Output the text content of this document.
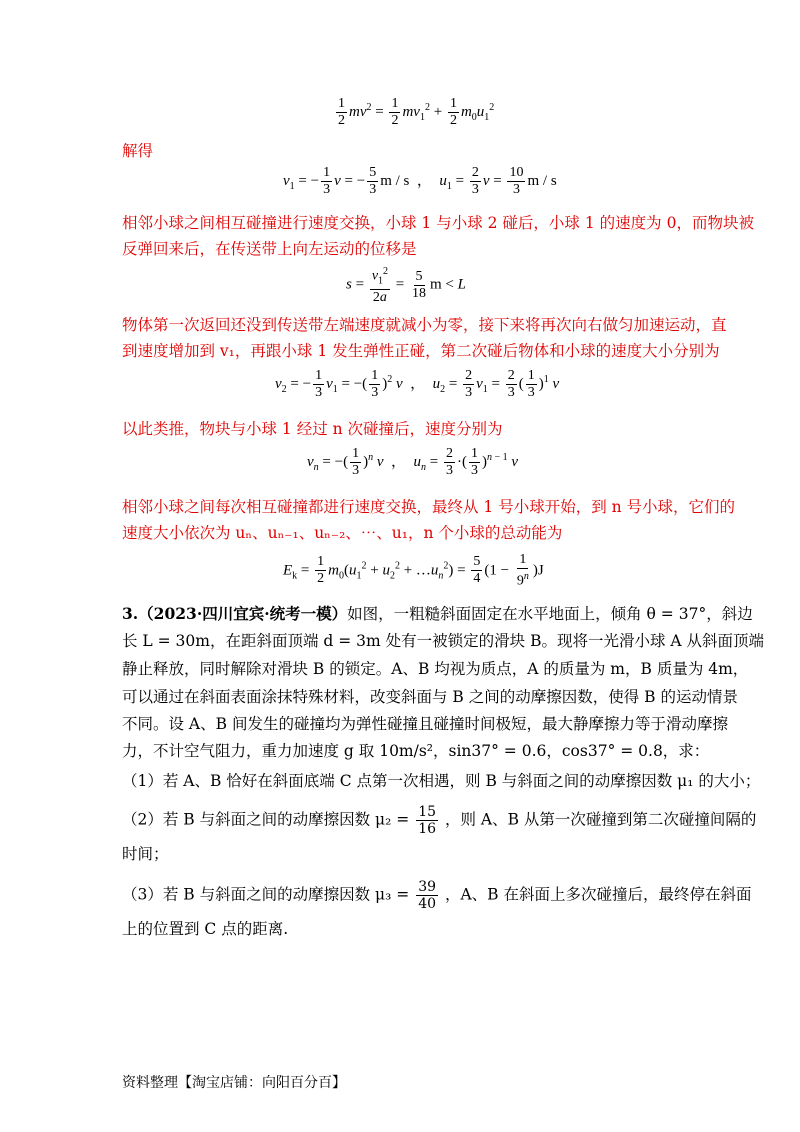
$\frac{1}{2} mv^2 = \frac{1}{2} mv_1^2 + \frac{1}{2} m_0u_1^2$
解得
$v_1$ = − $\frac{1}{3}$ v = − $\frac{5}{3}$ m / s  ，  $u_1 = \frac{2}{3}$ $v = \frac{10}{3}$ m / s
相邻小球之间相互碰撞进行速度交换，小球 1 与小球 2 碰后，小球 1 的速度为 0，而物块被
反弹回来后，在传送带上向左运动的位移是
$s = \frac{v_1^2}{2a} = \frac{5}{18}$ m < L
物体第一次返回还没到传送带左端速度就减小为零，接下来将再次向右做匀加速运动，直
到速度增加到 v₁，再跟小球 1 发生弹性正碰，第二次碰后物体和小球的速度大小分别为
$v_2$ = − $\frac{1}{3} v_1$ = −( $\frac{1}{3} )^2$ v  ，  $u_2 = \frac{2}{3} v_1 = \frac{2}{3}$ ( $\frac{1}{3} )^1$ v
以此类推，物块与小球 1 经过 n 次碰撞后，速度分别为
$v_n$ = −( $\frac{1}{3} )^n$ v  ，  $u_n = \frac{2}{3}$ ·( $\frac{1}{3} )^{n - 1}$ v
相邻小球之间每次相互碰撞都进行速度交换，最终从 1 号小球开始，到 n 号小球，它们的
速度大小依次为 uₙ、uₙ₋₁、uₙ₋₂、⋯、u₁，n 个小球的总动能为
$E_k = \frac{1}{2} m_0(u_1^2 + u_2^2$ + $\dots u_n^2) = \frac{5}{4} (1 - \frac{1}{9^n} )J$
3.（2023·四川宜宾·统考一模）如图，一粗糙斜面固定在水平地面上，倾角 θ = 37°，斜边
长 L = 30m，在距斜面顶端 d = 3m 处有一被锁定的滑块 B。现将一光滑小球 A 从斜面顶端
静止释放，同时解除对滑块 B 的锁定。A、B 均视为质点，A 的质量为 m，B 质量为 4m，
可以通过在斜面表面涂抹特殊材料，改变斜面与 B 之间的动摩擦因数，使得 B 的运动情景
不同。设 A、B 间发生的碰撞均为弹性碰撞且碰撞时间极短，最大静摩擦力等于滑动摩擦
力，不计空气阻力，重力加速度 g 取 10m/s²，sin37° = 0.6，cos37° = 0.8，求：
（1）若 A、B 恰好在斜面底端 C 点第一次相遇，则 B 与斜面之间的动摩擦因数 μ₁ 的大小；
（2）若 B 与斜面之间的动摩擦因数 $\mu_2 = \frac{15}{16}$ ，则 A、B 从第一次碰撞到第二次碰撞间隔的
时间；
（3）若 B 与斜面之间的动摩擦因数 $\mu_3 = \frac{39}{40}$ ，A、B 在斜面上多次碰撞后，最终停在斜面
上的位置到 C 点的距离.
资料整理【淘宝店铺：向阳百分百】
